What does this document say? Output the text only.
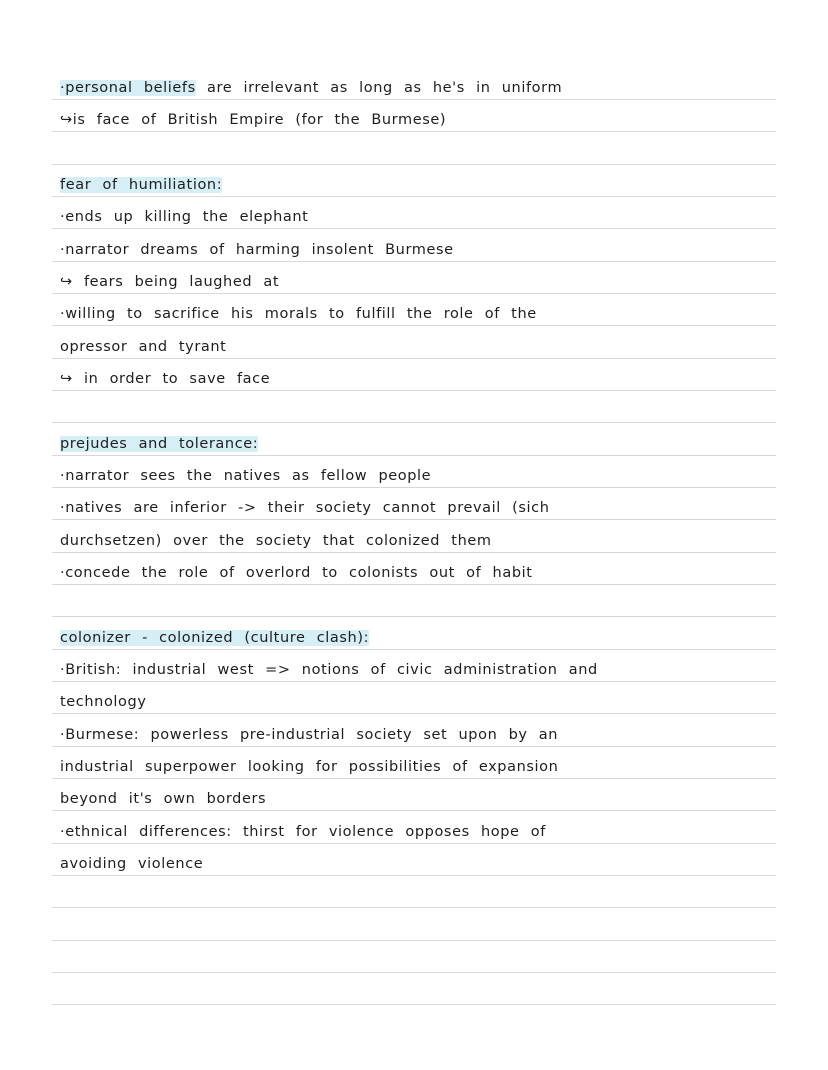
·personal beliefs are irrelevant as long as he's in uniform
↪is face of British Empire (for the Burmese)
fear of humiliation:
·ends up killing the elephant
·narrator dreams of harming insolent Burmese
↪ fears being laughed at
·willing to sacrifice his morals to fulfill the role of the
opressor and tyrant
↪ in order to save face
prejudes and tolerance:
·narrator sees the natives as fellow people
·natives are inferior -> their society cannot prevail (sich
durchsetzen) over the society that colonized them
·concede the role of overlord to colonists out of habit
colonizer - colonized (culture clash):
·British: industrial west => notions of civic administration and
technology
·Burmese: powerless pre-industrial society set upon by an
industrial superpower looking for possibilities of expansion
beyond it's own borders
·ethnical differences: thirst for violence opposes hope of
avoiding violence
